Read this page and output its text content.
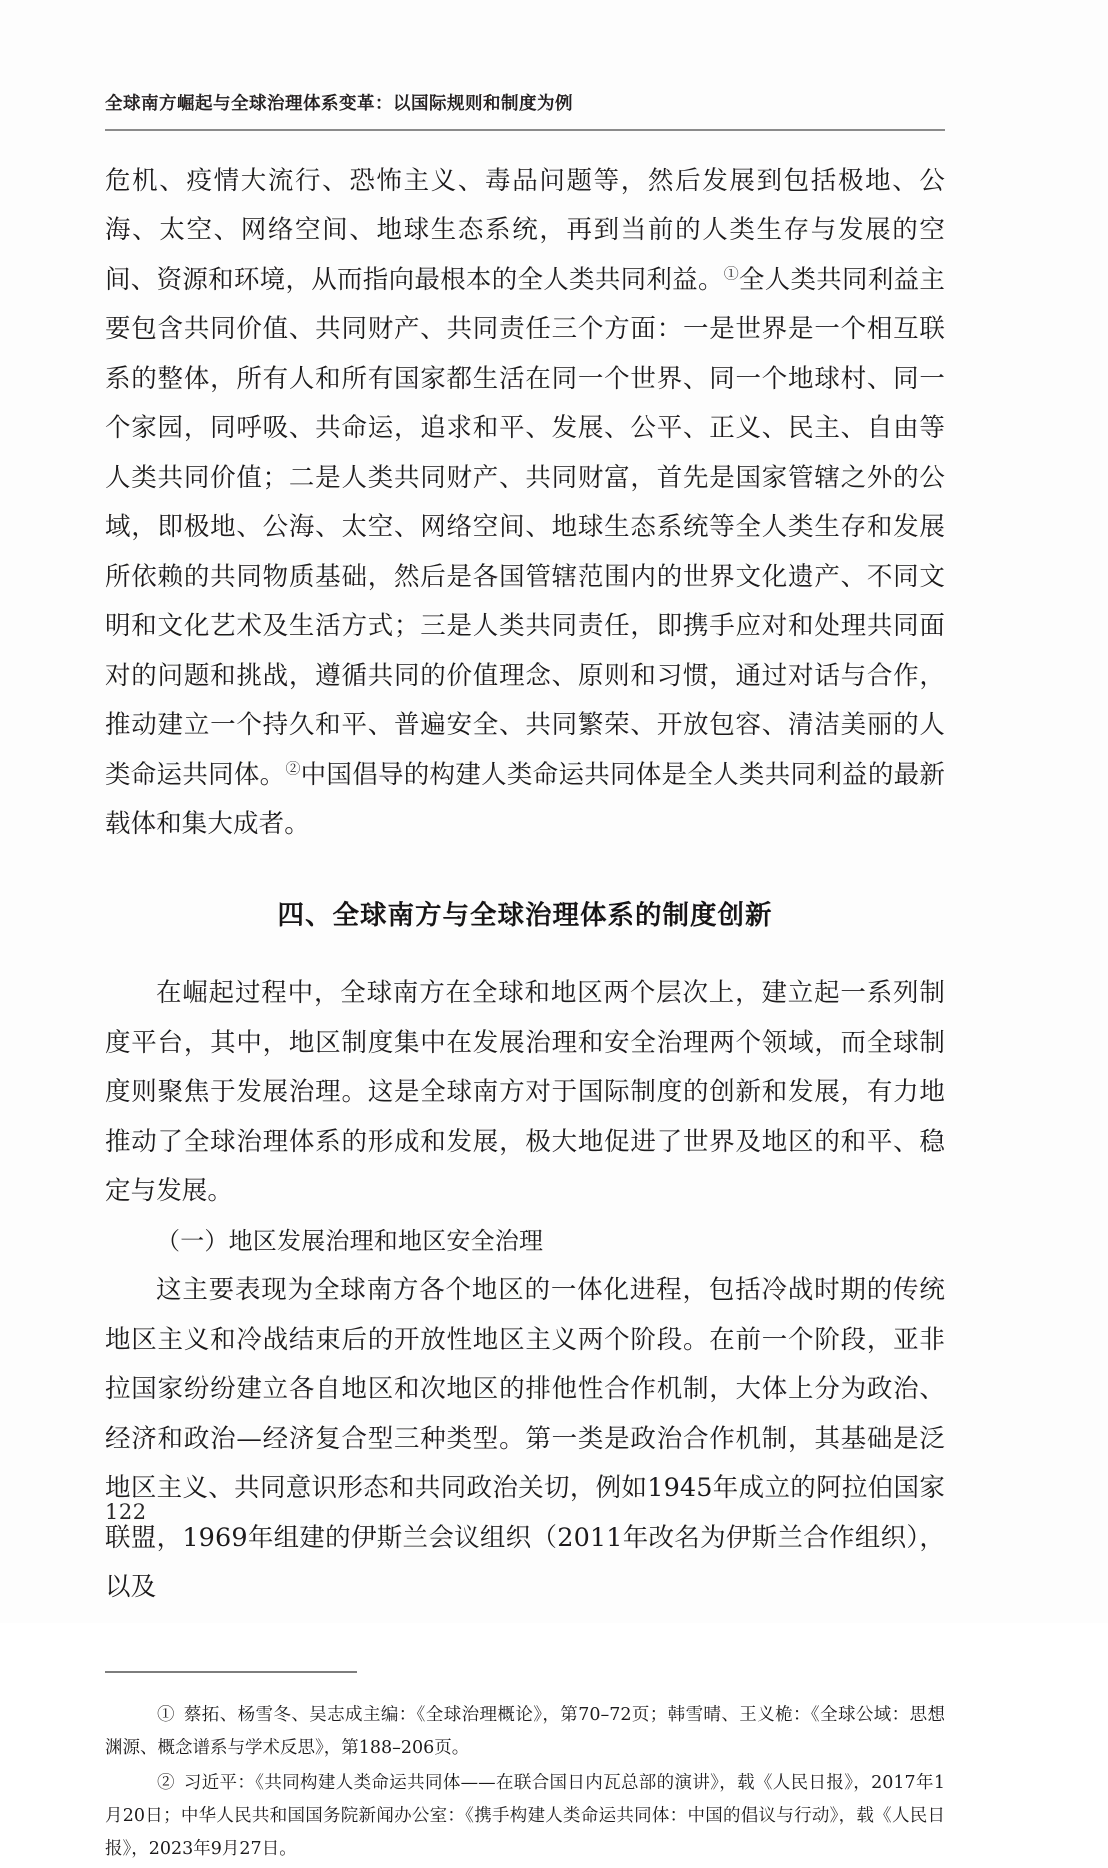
全球南方崛起与全球治理体系变革：以国际规则和制度为例

危机、疫情大流行、恐怖主义、毒品问题等，然后发展到包括极地、公海、太空、网络空间、地球生态系统，再到当前的人类生存与发展的空间、资源和环境，从而指向最根本的全人类共同利益。①全人类共同利益主要包含共同价值、共同财产、共同责任三个方面：一是世界是一个相互联系的整体，所有人和所有国家都生活在同一个世界、同一个地球村、同一个家园，同呼吸、共命运，追求和平、发展、公平、正义、民主、自由等人类共同价值；二是人类共同财产、共同财富，首先是国家管辖之外的公域，即极地、公海、太空、网络空间、地球生态系统等全人类生存和发展所依赖的共同物质基础，然后是各国管辖范围内的世界文化遗产、不同文明和文化艺术及生活方式；三是人类共同责任，即携手应对和处理共同面对的问题和挑战，遵循共同的价值理念、原则和习惯，通过对话与合作，推动建立一个持久和平、普遍安全、共同繁荣、开放包容、清洁美丽的人类命运共同体。②中国倡导的构建人类命运共同体是全人类共同利益的最新载体和集大成者。

四、全球南方与全球治理体系的制度创新

在崛起过程中，全球南方在全球和地区两个层次上，建立起一系列制度平台，其中，地区制度集中在发展治理和安全治理两个领域，而全球制度则聚焦于发展治理。这是全球南方对于国际制度的创新和发展，有力地推动了全球治理体系的形成和发展，极大地促进了世界及地区的和平、稳定与发展。

（一）地区发展治理和地区安全治理

这主要表现为全球南方各个地区的一体化进程，包括冷战时期的传统地区主义和冷战结束后的开放性地区主义两个阶段。在前一个阶段，亚非拉国家纷纷建立各自地区和次地区的排他性合作机制，大体上分为政治、经济和政治—经济复合型三种类型。第一类是政治合作机制，其基础是泛地区主义、共同意识形态和共同政治关切，例如1945年成立的阿拉伯国家联盟，1969年组建的伊斯兰会议组织（2011年改名为伊斯兰合作组织），以及

① 蔡拓、杨雪冬、吴志成主编：《全球治理概论》，第70–72页；韩雪晴、王义桅：《全球公域：思想渊源、概念谱系与学术反思》，第188–206页。

② 习近平：《共同构建人类命运共同体——在联合国日内瓦总部的演讲》，载《人民日报》，2017年1月20日；中华人民共和国国务院新闻办公室：《携手构建人类命运共同体：中国的倡议与行动》，载《人民日报》，2023年9月27日。

122
